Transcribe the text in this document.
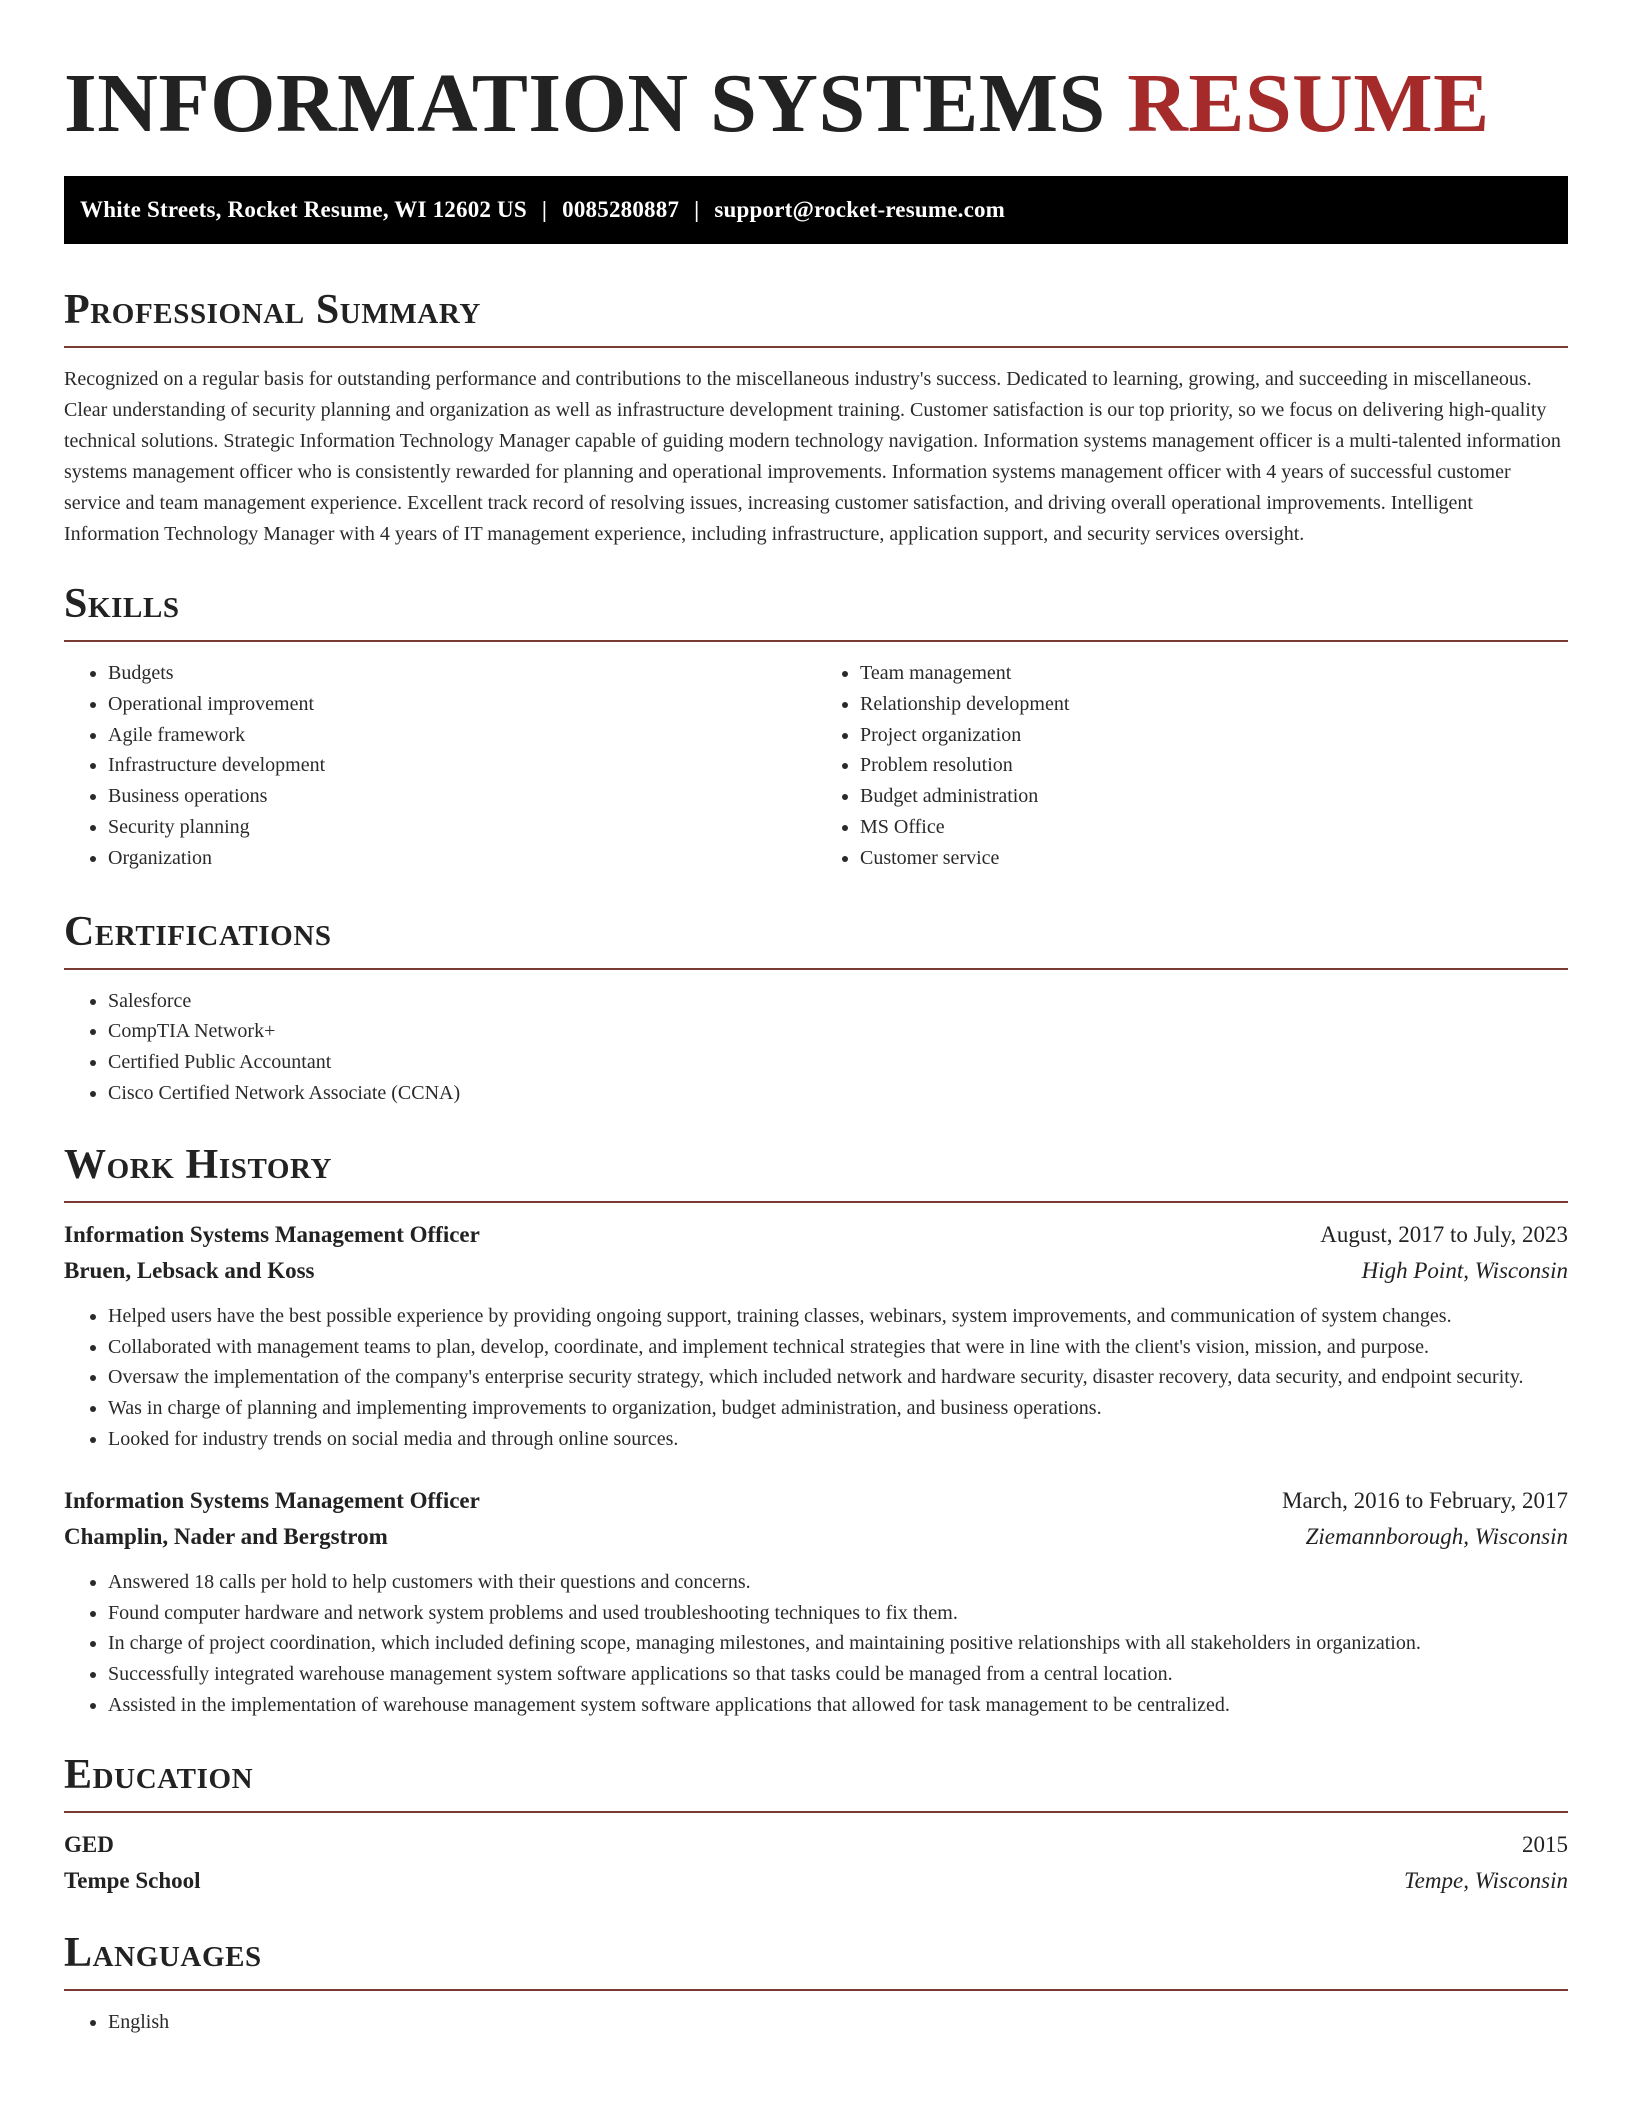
INFORMATION SYSTEMS RESUME
White Streets, Rocket Resume, WI 12602 US | 0085280887 | support@rocket-resume.com
Professional Summary

Recognized on a regular basis for outstanding performance and contributions to the miscellaneous industry's success. Dedicated to learning, growing, and succeeding in miscellaneous. Clear understanding of security planning and organization as well as infrastructure development training. Customer satisfaction is our top priority, so we focus on delivering high-quality technical solutions. Strategic Information Technology Manager capable of guiding modern technology navigation. Information systems management officer is a multi-talented information systems management officer who is consistently rewarded for planning and operational improvements. Information systems management officer with 4 years of successful customer service and team management experience. Excellent track record of resolving issues, increasing customer satisfaction, and driving overall operational improvements. Intelligent Information Technology Manager with 4 years of IT management experience, including infrastructure, application support, and security services oversight.

Skills
• Budgets
• Operational improvement
• Agile framework
• Infrastructure development
• Business operations
• Security planning
• Organization
• Team management
• Relationship development
• Project organization
• Problem resolution
• Budget administration
• MS Office
• Customer service
Certifications
• Salesforce
• CompTIA Network+
• Certified Public Accountant
• Cisco Certified Network Associate (CCNA)
Work History
Information Systems Management Officer	August, 2017 to July, 2023
Bruen, Lebsack and Koss	High Point, Wisconsin
• Helped users have the best possible experience by providing ongoing support, training classes, webinars, system improvements, and communication of system changes.
• Collaborated with management teams to plan, develop, coordinate, and implement technical strategies that were in line with the client's vision, mission, and purpose.
• Oversaw the implementation of the company's enterprise security strategy, which included network and hardware security, disaster recovery, data security, and endpoint security.
• Was in charge of planning and implementing improvements to organization, budget administration, and business operations.
• Looked for industry trends on social media and through online sources.
Information Systems Management Officer	March, 2016 to February, 2017
Champlin, Nader and Bergstrom	Ziemannborough, Wisconsin
• Answered 18 calls per hold to help customers with their questions and concerns.
• Found computer hardware and network system problems and used troubleshooting techniques to fix them.
• In charge of project coordination, which included defining scope, managing milestones, and maintaining positive relationships with all stakeholders in organization.
• Successfully integrated warehouse management system software applications so that tasks could be managed from a central location.
• Assisted in the implementation of warehouse management system software applications that allowed for task management to be centralized.
Education
GED	2015
Tempe School	Tempe, Wisconsin
Languages
• English
